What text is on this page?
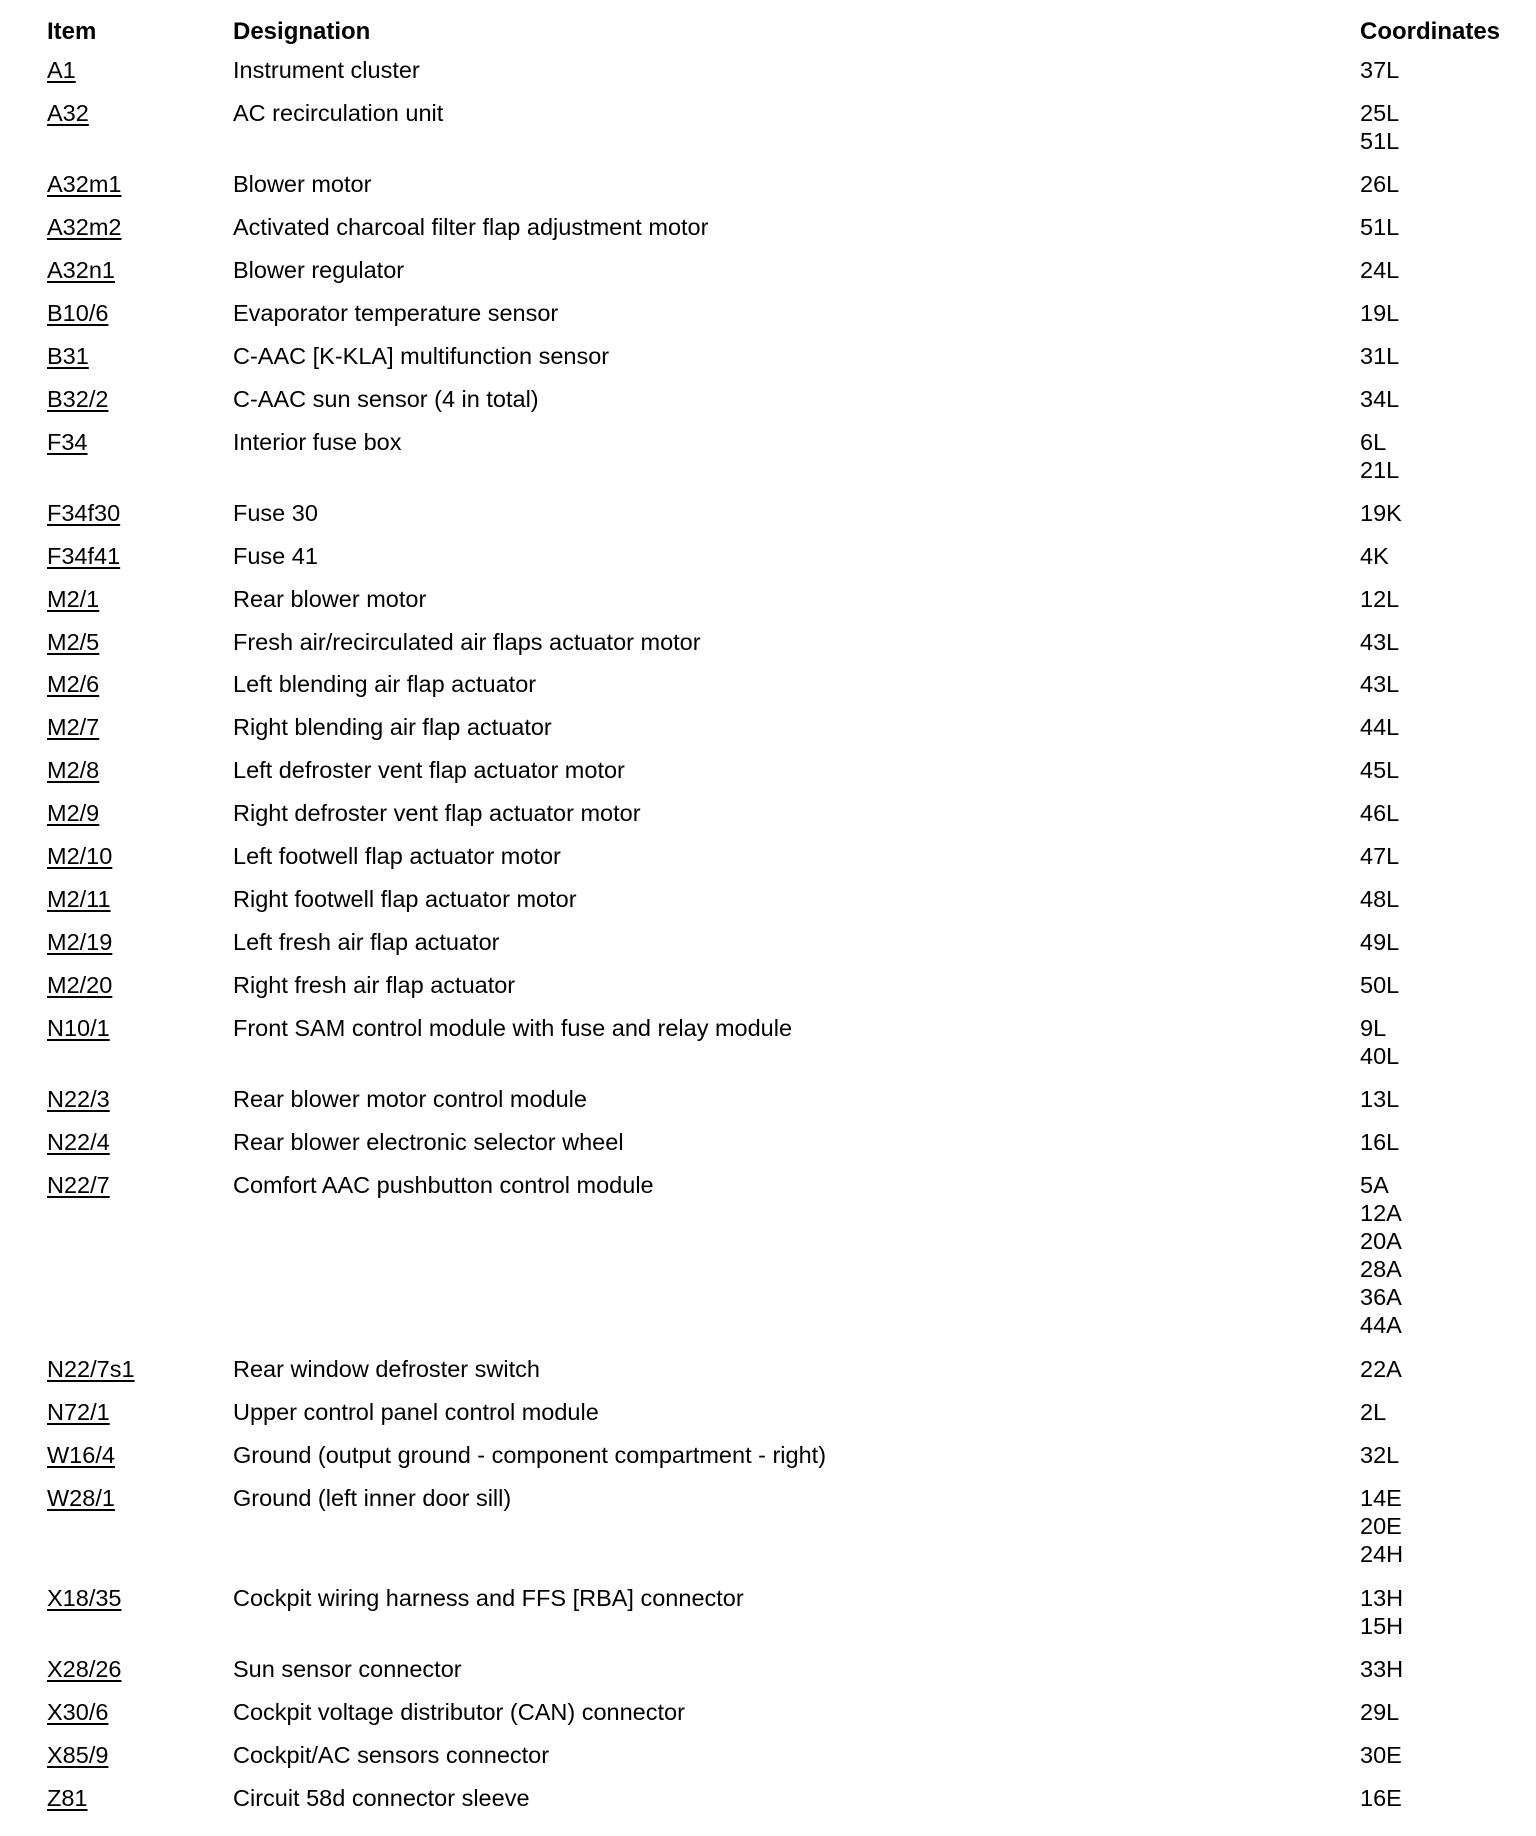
Item	Designation	Coordinates
A1	Instrument cluster	37L
A32	AC recirculation unit	25L
51L
A32m1	Blower motor	26L
A32m2	Activated charcoal filter flap adjustment motor	51L
A32n1	Blower regulator	24L
B10/6	Evaporator temperature sensor	19L
B31	C-AAC [K-KLA] multifunction sensor	31L
B32/2	C-AAC sun sensor (4 in total)	34L
F34	Interior fuse box	6L
21L
F34f30	Fuse 30	19K
F34f41	Fuse 41	4K
M2/1	Rear blower motor	12L
M2/5	Fresh air/recirculated air flaps actuator motor	43L
M2/6	Left blending air flap actuator	43L
M2/7	Right blending air flap actuator	44L
M2/8	Left defroster vent flap actuator motor	45L
M2/9	Right defroster vent flap actuator motor	46L
M2/10	Left footwell flap actuator motor	47L
M2/11	Right footwell flap actuator motor	48L
M2/19	Left fresh air flap actuator	49L
M2/20	Right fresh air flap actuator	50L
N10/1	Front SAM control module with fuse and relay module	9L
40L
N22/3	Rear blower motor control module	13L
N22/4	Rear blower electronic selector wheel	16L
N22/7	Comfort AAC pushbutton control module	5A
12A
20A
28A
36A
44A
N22/7s1	Rear window defroster switch	22A
N72/1	Upper control panel control module	2L
W16/4	Ground (output ground - component compartment - right)	32L
W28/1	Ground (left inner door sill)	14E
20E
24H
X18/35	Cockpit wiring harness and FFS [RBA] connector	13H
15H
X28/26	Sun sensor connector	33H
X30/6	Cockpit voltage distributor (CAN) connector	29L
X85/9	Cockpit/AC sensors connector	30E
Z81	Circuit 58d connector sleeve	16E
